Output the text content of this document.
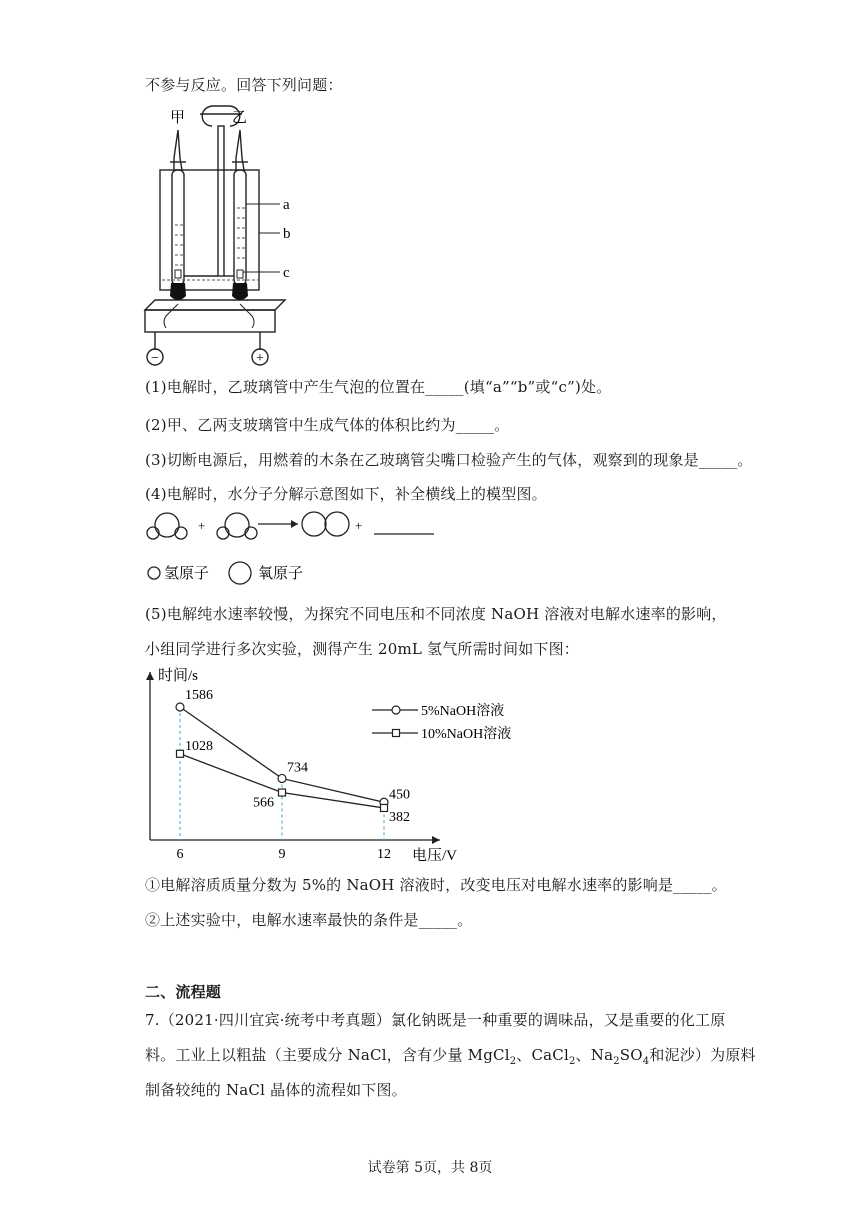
不参与反应。回答下列问题：
甲	乙
a
b
c
−	+
(1)电解时，乙玻璃管中产生气泡的位置在_____(填“a”“b”或“c”)处。
(2)甲、乙两支玻璃管中生成气体的体积比约为_____。
(3)切断电源后，用燃着的木条在乙玻璃管尖嘴口检验产生的气体，观察到的现象是_____。
(4)电解时，水分子分解示意图如下，补全横线上的模型图。
+	+
氢原子	氧原子
(5)电解纯水速率较慢，为探究不同电压和不同浓度 NaOH 溶液对电解水速率的影响，
小组同学进行多次实验，测得产生 20mL 氢气所需时间如下图：
时间/s
电压/V
1586
734
450
1028
566
382
6	9	12
5%NaOH溶液
10%NaOH溶液
①电解溶质质量分数为 5%的 NaOH 溶液时，改变电压对电解水速率的影响是_____。
②上述实验中，电解水速率最快的条件是_____。
二、流程题
7.（2021·四川宜宾·统考中考真题）氯化钠既是一种重要的调味品，又是重要的化工原
料。工业上以粗盐（主要成分 NaCl，含有少量 MgCl$_2$、CaCl$_2$、$Na_2SO_4$和泥沙）为原料
制备较纯的 NaCl 晶体的流程如下图。
试卷第 5页，共 8页
